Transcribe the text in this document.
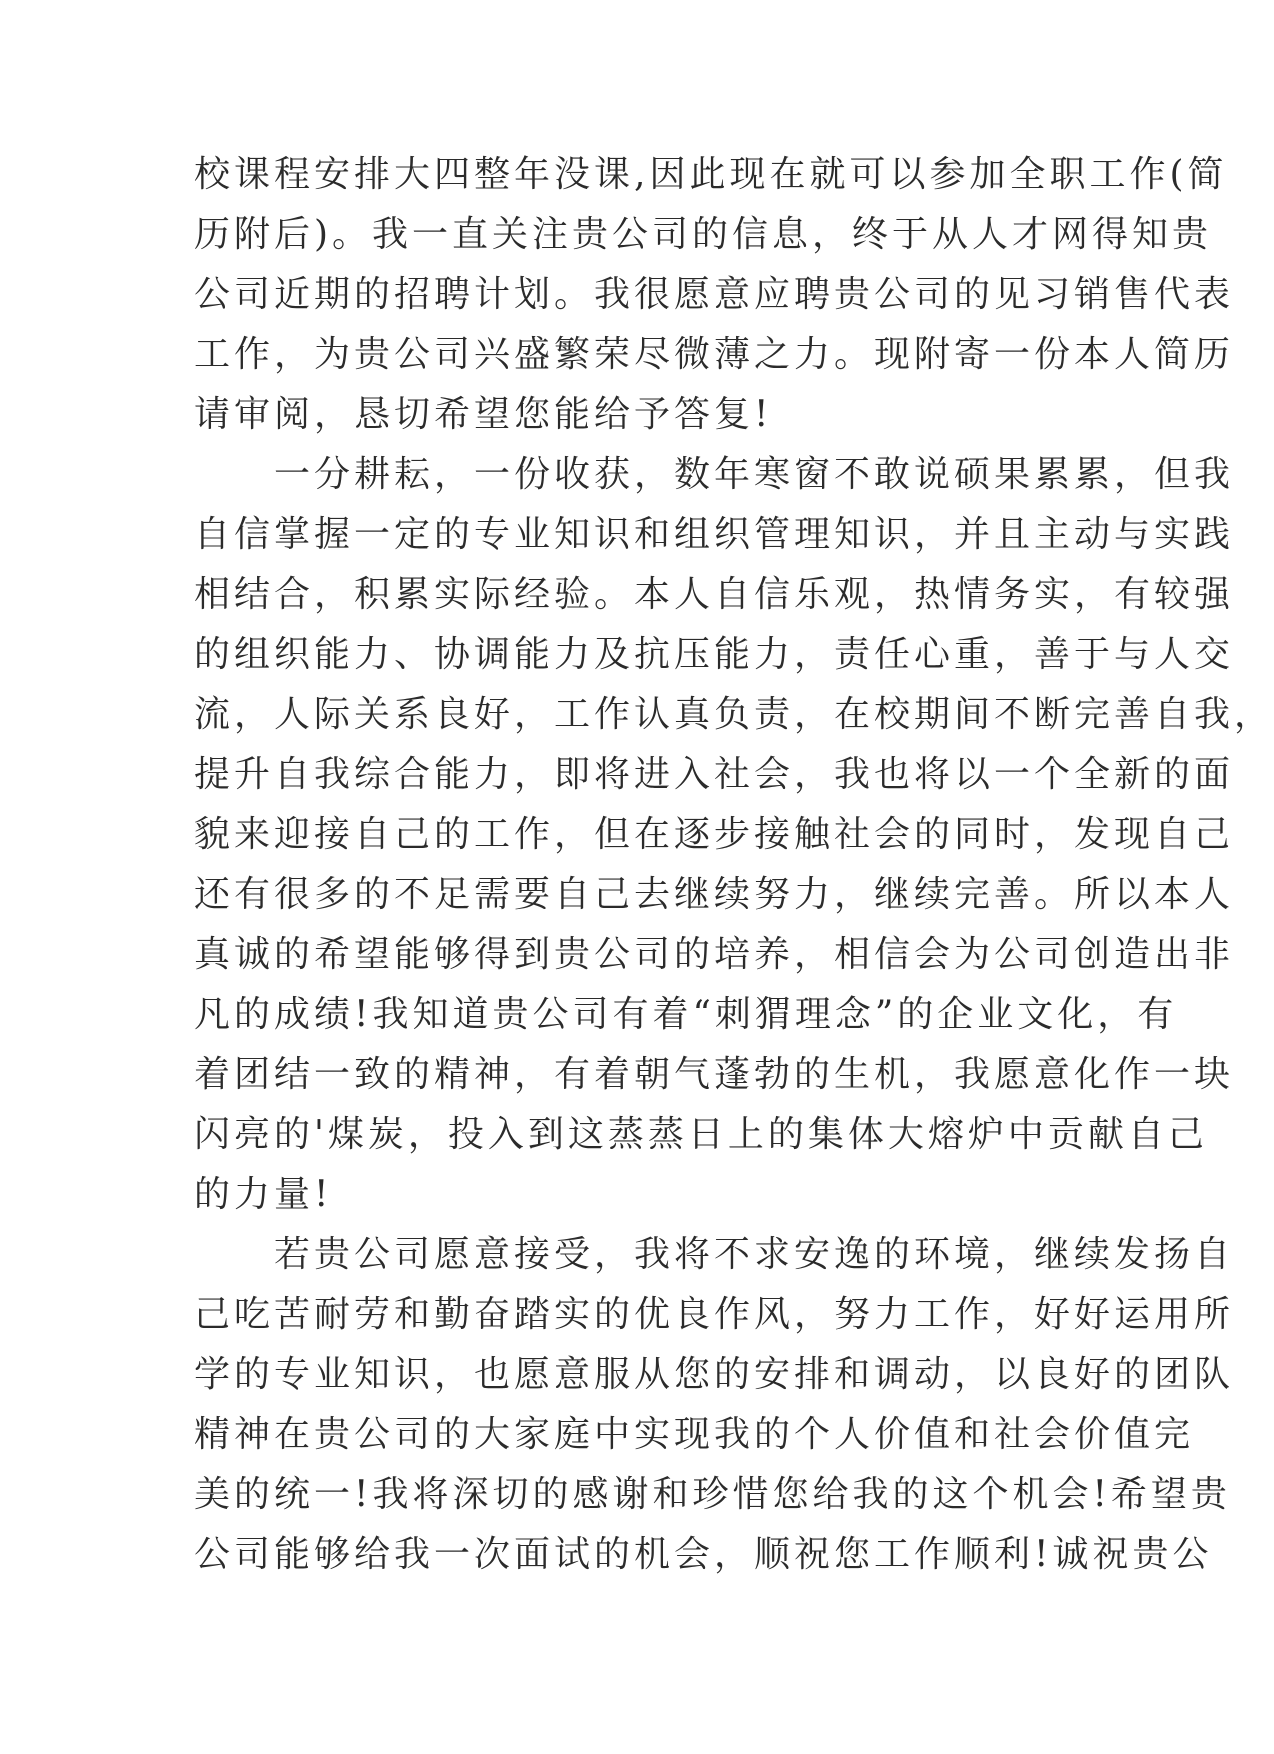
校课程安排大四整年没课,因此现在就可以参加全职工作(简
历附后)。我一直关注贵公司的信息，终于从人才网得知贵
公司近期的招聘计划。我很愿意应聘贵公司的见习销售代表
工作，为贵公司兴盛繁荣尽微薄之力。现附寄一份本人简历
请审阅，恳切希望您能给予答复!
　　一分耕耘，一份收获，数年寒窗不敢说硕果累累，但我
自信掌握一定的专业知识和组织管理知识，并且主动与实践
相结合，积累实际经验。本人自信乐观，热情务实，有较强
的组织能力、协调能力及抗压能力，责任心重，善于与人交
流，人际关系良好，工作认真负责，在校期间不断完善自我，
提升自我综合能力，即将进入社会，我也将以一个全新的面
貌来迎接自己的工作，但在逐步接触社会的同时，发现自己
还有很多的不足需要自己去继续努力，继续完善。所以本人
真诚的希望能够得到贵公司的培养，相信会为公司创造出非
凡的成绩!我知道贵公司有着“刺猬理念”的企业文化，有
着团结一致的精神，有着朝气蓬勃的生机，我愿意化作一块
闪亮的'煤炭，投入到这蒸蒸日上的集体大熔炉中贡献自己
的力量!
　　若贵公司愿意接受，我将不求安逸的环境，继续发扬自
己吃苦耐劳和勤奋踏实的优良作风，努力工作，好好运用所
学的专业知识，也愿意服从您的安排和调动，以良好的团队
精神在贵公司的大家庭中实现我的个人价值和社会价值完
美的统一!我将深切的感谢和珍惜您给我的这个机会!希望贵
公司能够给我一次面试的机会，顺祝您工作顺利!诚祝贵公
